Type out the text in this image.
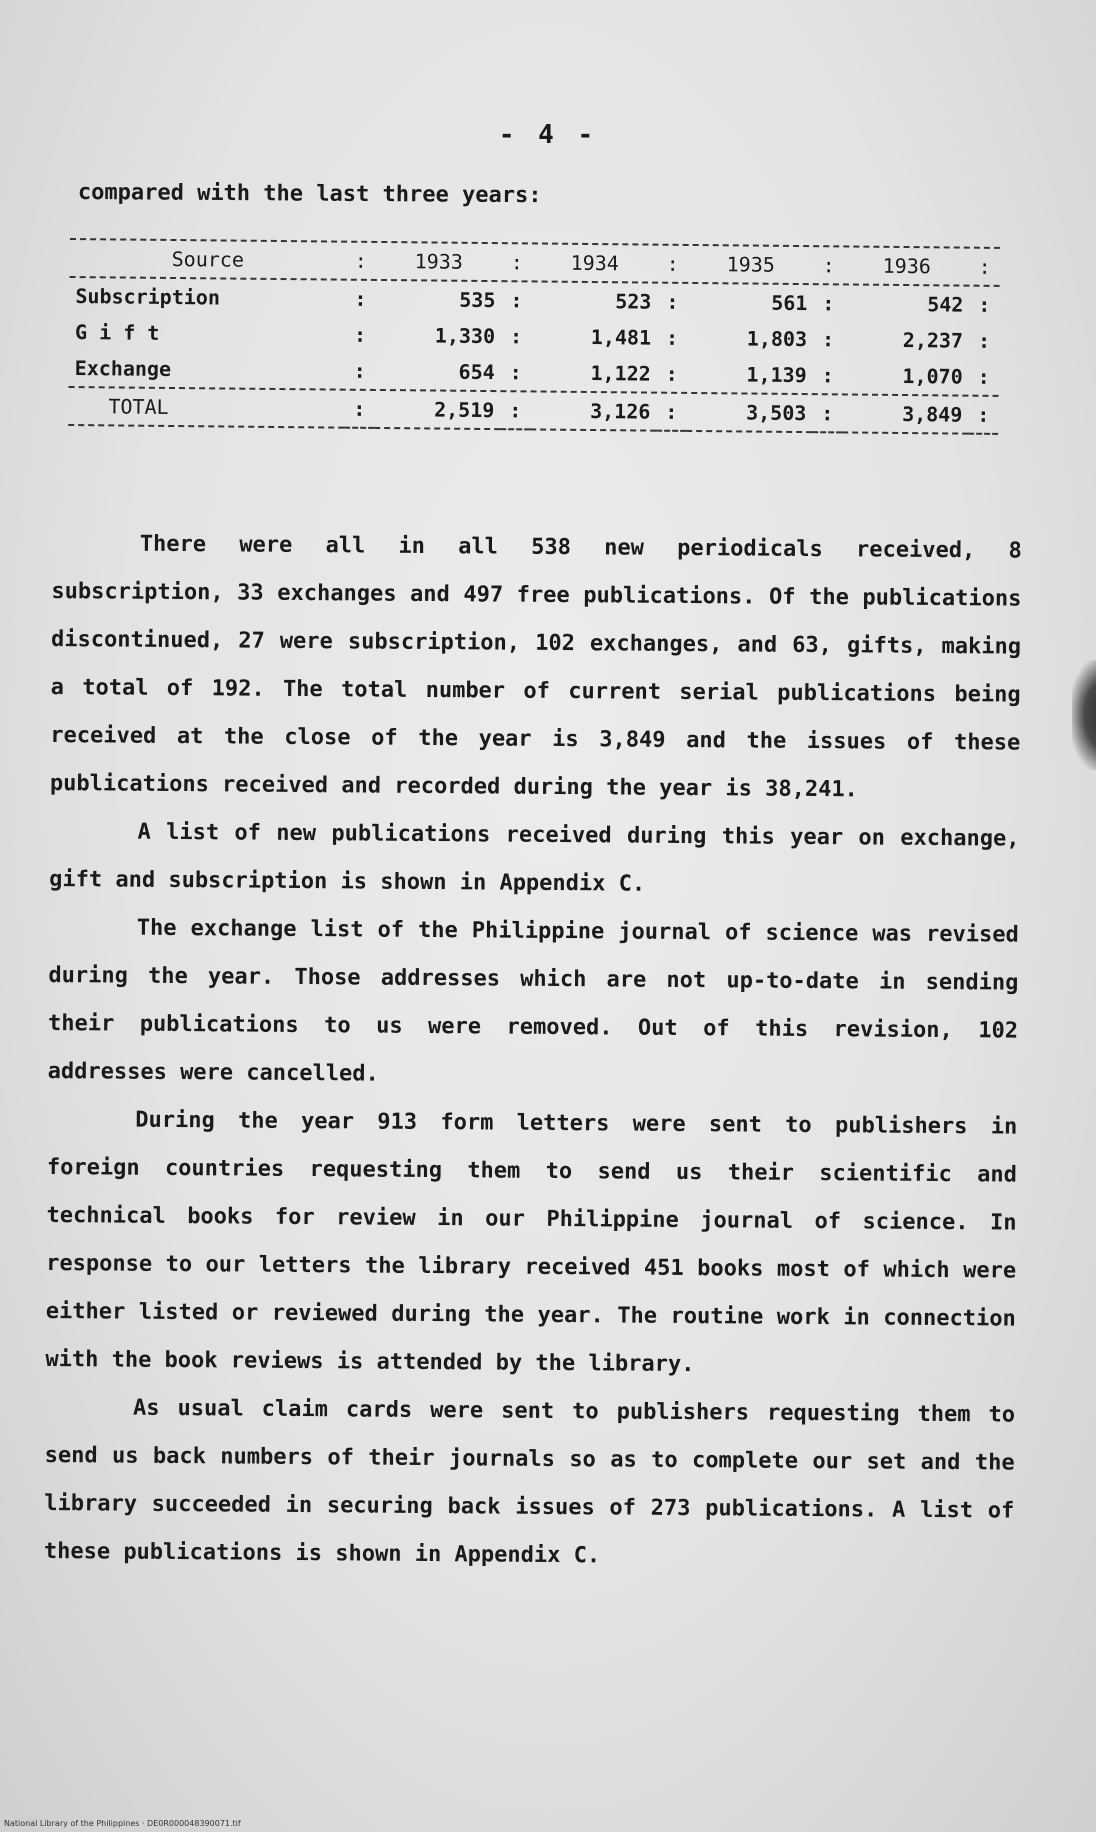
- 4 -
compared with the last three years:
Source	:	1933	:	1934	:	1935	:	1936	:

Subscription	:	535	:	523	:	561	:	542	:
G i f t	:	1,330	:	1,481	:	1,803	:	2,237	:
Exchange	:	654	:	1,122	:	1,139	:	1,070	:

TOTAL	:	2,519	:	3,126	:	3,503	:	3,849	:

There were all in all 538 new periodicals received, 8 subscription, 33 exchanges and 497 free publications. Of the publications discontinued, 27 were subscription, 102 exchanges, and 63, gifts, making a total of 192. The total number of current serial publications being received at the close of the year is 3,849 and the issues of these publications received and recorded during the year is 38,241.

A list of new publications received during this year on exchange, gift and subscription is shown in Appendix C.

The exchange list of the Philippine journal of science was revised during the year. Those addresses which are not up-to-date in sending their publications to us were removed. Out of this revision, 102 addresses were cancelled.

During the year 913 form letters were sent to publishers in foreign countries requesting them to send us their scientific and technical books for review in our Philippine journal of science. In response to our letters the library received 451 books most of which were either listed or reviewed during the year. The routine work in connection with the book reviews is attended by the library.

As usual claim cards were sent to publishers requesting them to send us back numbers of their journals so as to complete our set and the library succeeded in securing back issues of 273 publications. A list of these publications is shown in Appendix C.

National Library of the Philippines · DE0R000048390071.tif
